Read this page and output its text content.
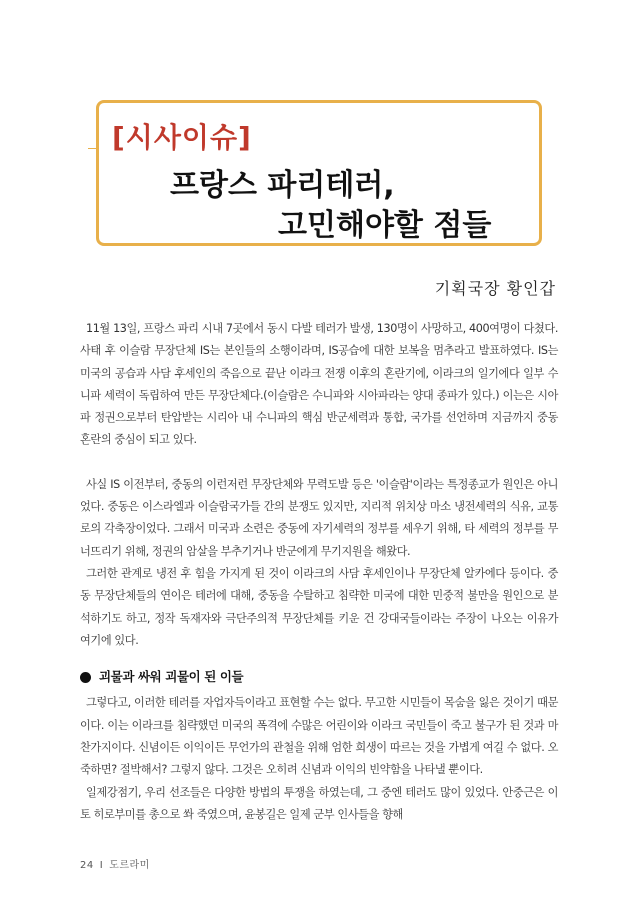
[시사이슈]
프랑스 파리테러,
고민해야할 점들
기획국장 황인갑

11월 13일, 프랑스 파리 시내 7곳에서 동시 다발 테러가 발생, 130명이 사망하고, 400여명이 다쳤다. 사태 후 이슬람 무장단체 IS는 본인들의 소행이라며, IS공습에 대한 보복을 멈추라고 발표하였다. IS는 미국의 공습과 사담 후세인의 죽음으로 끝난 이라크 전쟁 이후의 혼란기에, 이라크의 일기에다 일부 수니파 세력이 독립하여 만든 무장단체다.(이슬람은 수니파와 시아파라는 양대 종파가 있다.) 이는은 시아파 정권으로부터 탄압받는 시리아 내 수니파의 핵심 반군세력과 통합, 국가를 선언하며 지금까지 중동혼란의 중심이 되고 있다.

사실 IS 이전부터, 중동의 이런저런 무장단체와 무력도발 등은 '이슬람'이라는 특정종교가 원인은 아니었다. 중동은 이스라엘과 이슬람국가들 간의 분쟁도 있지만, 지리적 위치상 마소 냉전세력의 식유, 교통로의 각축장이었다. 그래서 미국과 소련은 중동에 자기세력의 정부를 세우기 위해, 타 세력의 정부를 무너뜨리기 위해, 정권의 암살을 부추기거나 반군에게 무기지원을 해왔다.

그러한 관계로 냉전 후 힘을 가지게 된 것이 이라크의 사담 후세인이나 무장단체 알카에다 등이다. 중동 무장단체들의 연이은 테러에 대해, 중동을 수탈하고 침략한 미국에 대한 민중적 불만을 원인으로 분석하기도 하고, 정작 독재자와 극단주의적 무장단체를 키운 건 강대국들이라는 주장이 나오는 이유가 여기에 있다.

괴물과 싸워 괴물이 된 이들

그렇다고, 이러한 테러를 자업자득이라고 표현할 수는 없다. 무고한 시민들이 목숨을 잃은 것이기 때문이다. 이는 이라크를 침략했던 미국의 폭격에 수많은 어린이와 이라크 국민들이 죽고 불구가 된 것과 마찬가지이다. 신념이든 이익이든 무언가의 관철을 위해 엄한 희생이 따르는 것을 가볍게 여길 수 없다. 오죽하면? 절박해서? 그렇지 않다. 그것은 오히려 신념과 이익의 빈약함을 나타낼 뿐이다.

일제강점기, 우리 선조들은 다양한 방법의 투쟁을 하였는데, 그 중엔 테러도 많이 있었다. 안중근은 이토 히로부미를 총으로 쏴 죽였으며, 윤봉길은 일제 군부 인사들을 향해

24 I 도르라미
